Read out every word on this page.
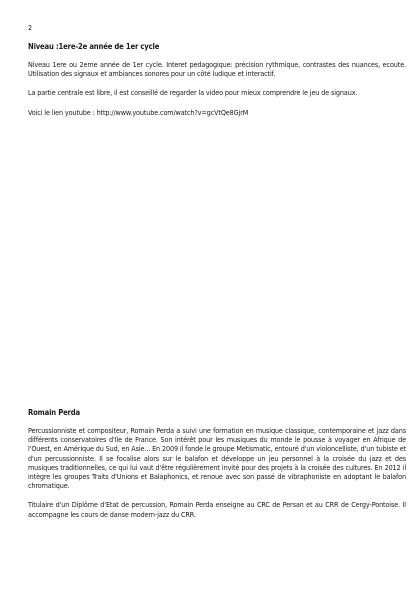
2
Niveau :1ere-2e année de 1er cycle

Niveau 1ere ou 2eme année de 1er cycle. Interet pedagogique: précision rythmique, contrastes des nuances, ecoute. Utilisation des signaux et ambiances sonores pour un côté ludique et interactif.

La partie centrale est libre, il est conseillé de regarder la video pour mieux comprendre le jeu de signaux.

Voici le lien youtube : http://www.youtube.com/watch?v=gcVtQe8GjrM

Romain Perda

Percussionniste et compositeur, Romain Perda a suivi une formation en musique classique, contemporaine et jazz dans différents conservatoires d'Ile de France. Son intérêt pour les musiques du monde le pousse à voyager en Afrique de l'Ouest, en Amérique du Sud, en Asie... En 2009 il fonde le groupe Metismatic, entouré d'un violoncelliste, d'un tubiste et d'un percussionniste. Il se focalise alors sur le balafon et développe un jeu personnel à la croisée du jazz et des musiques traditionnelles, ce qui lui vaut d'être régulièrement invité pour des projets à la croisée des cultures. En 2012 il intègre les groupes Traits d'Unions et Balaphonics, et renoue avec son passé de vibraphoniste en adoptant le balafon chromatique.

Titulaire d'un Diplôme d'Etat de percussion, Romain Perda enseigne au CRC de Persan et au CRR de Cergy-Pontoise. Il accompagne les cours de danse modern-jazz du CRR.
